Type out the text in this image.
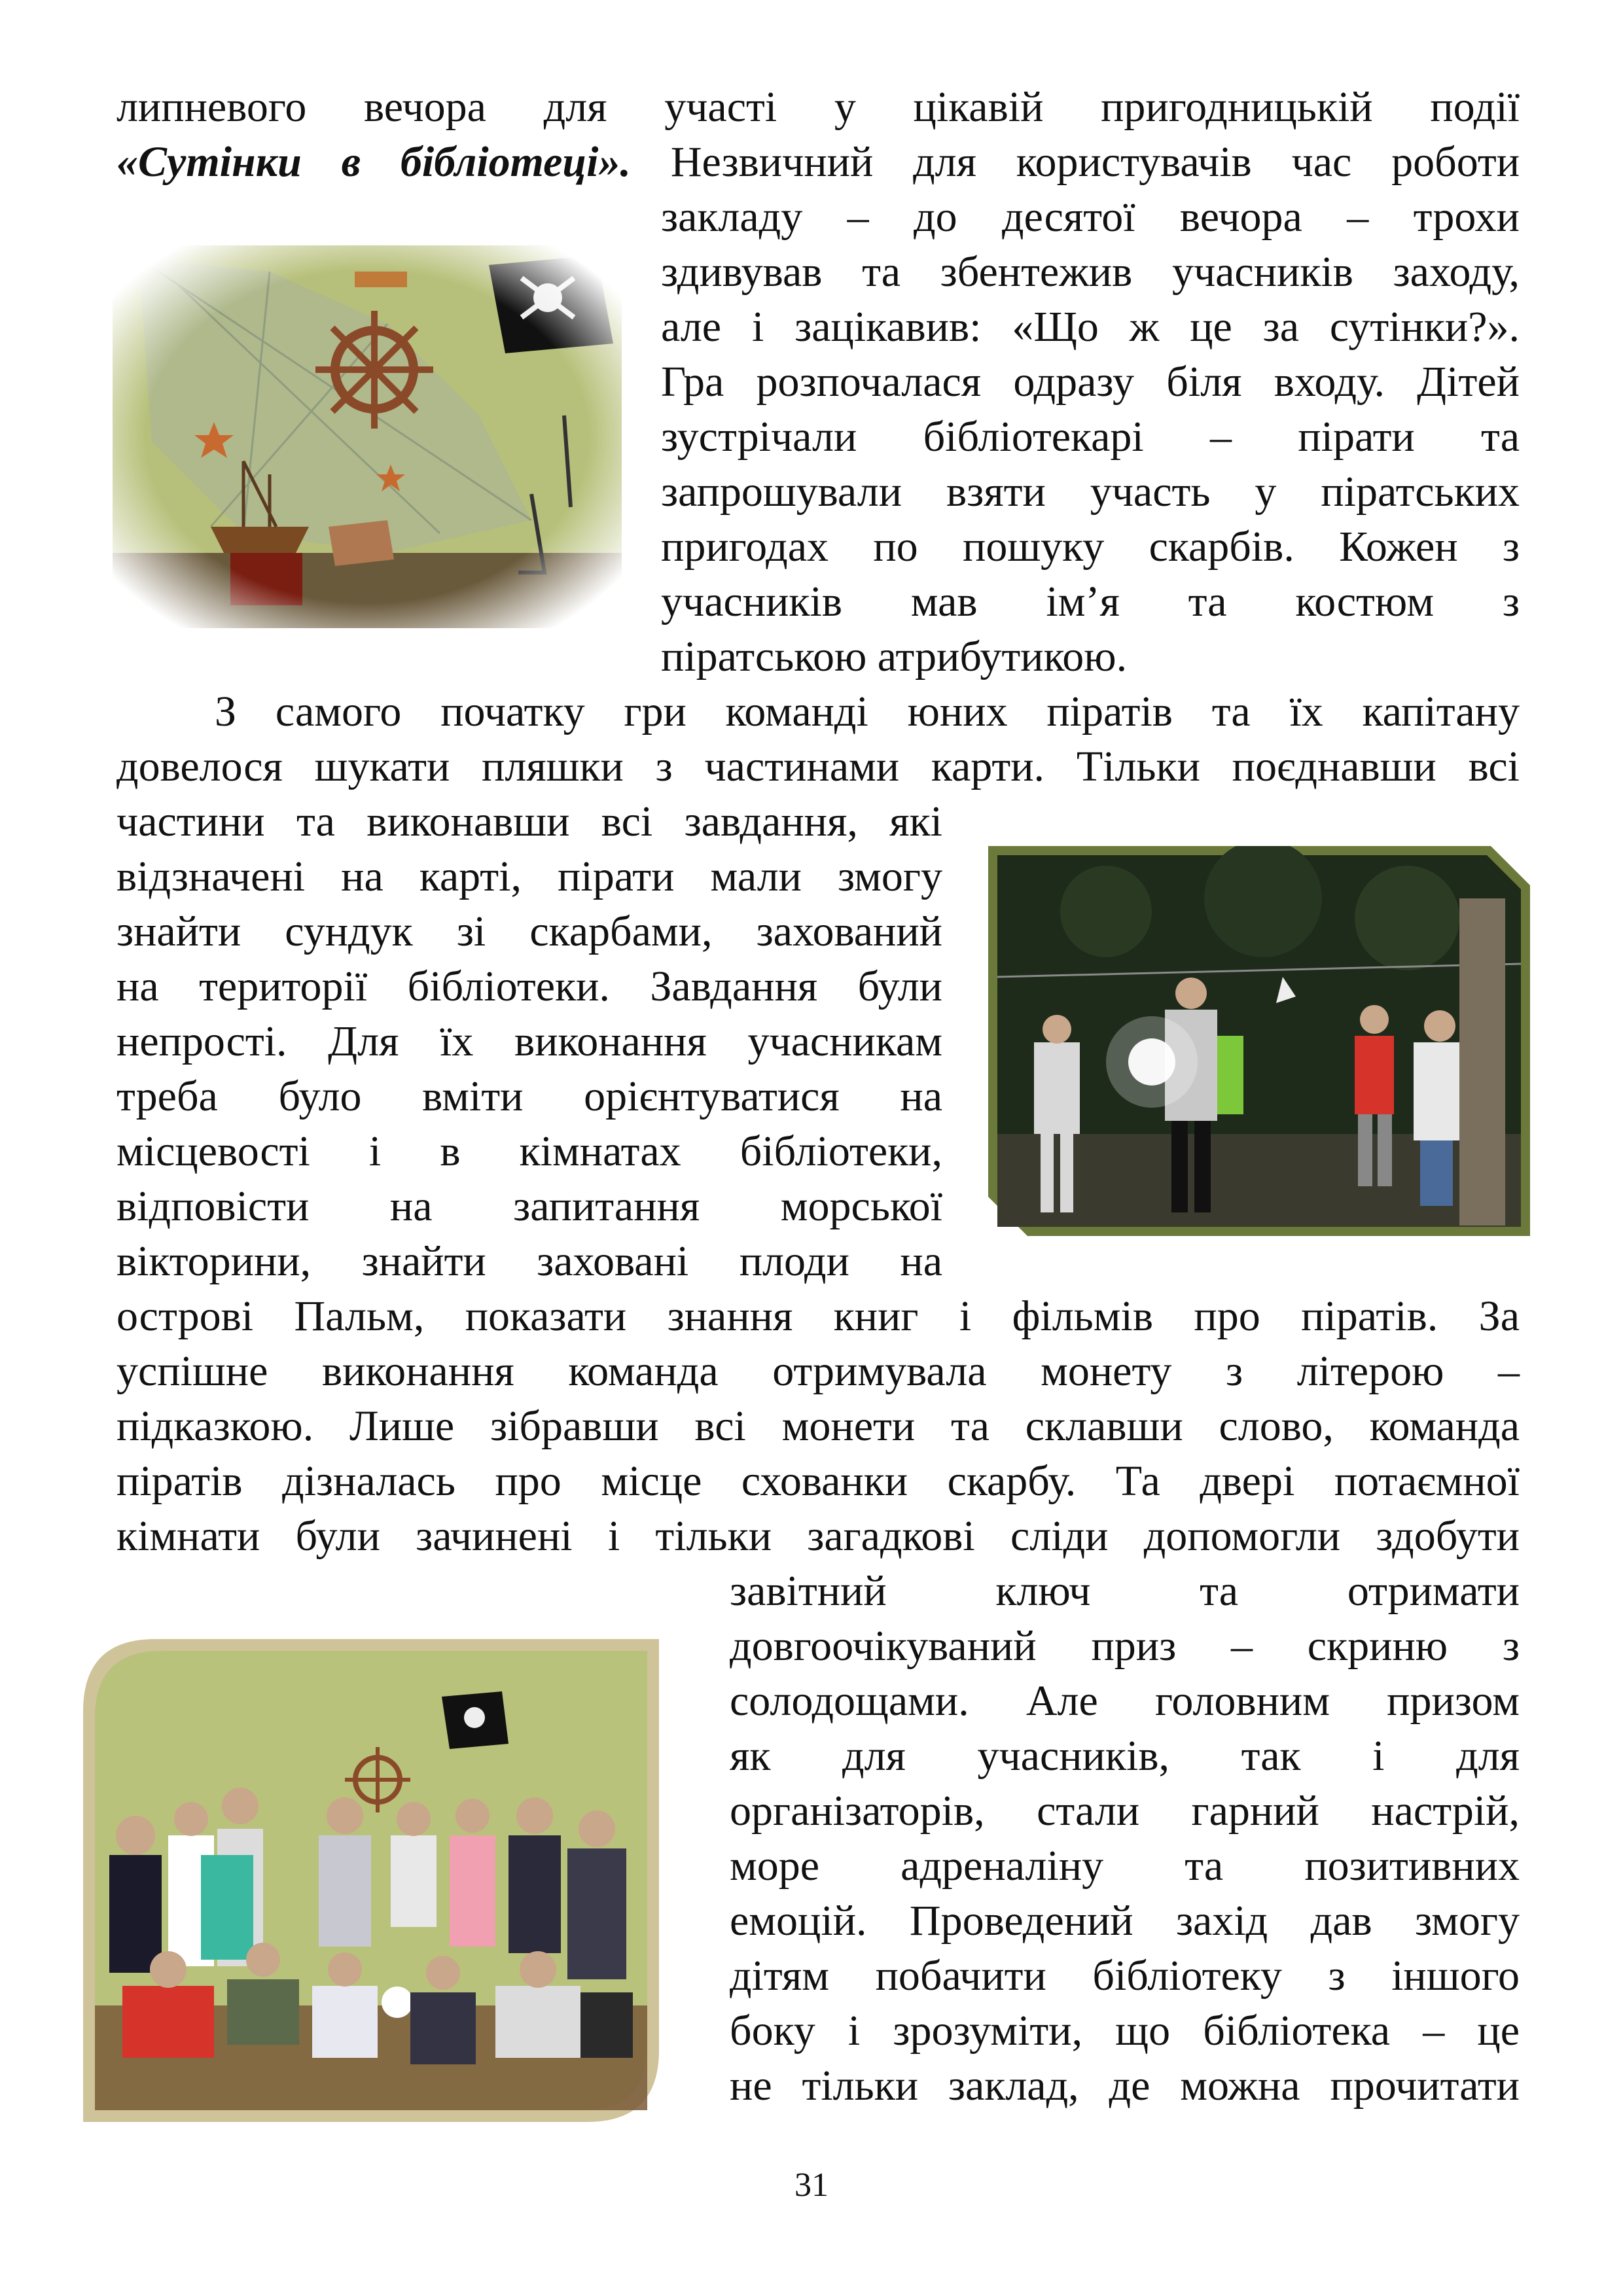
липневого вечора для участі у цікавій пригодницькій події
«Сутінки в бібліотеці». Незвичний для користувачів час роботи
закладу – до десятої вечора – трохи
здивував та збентежив учасників заходу,
але і зацікавив: «Що ж це за сутінки?».
Гра розпочалася одразу біля входу. Дітей
зустрічали бібліотекарі – пірати та
запрошували взяти участь у піратських
пригодах по пошуку скарбів. Кожен з
учасників мав ім’я та костюм з
піратською атрибутикою.
З самого початку гри команді юних піратів та їх капітану
довелося шукати пляшки з частинами карти. Тільки поєднавши всі
частини та виконавши всі завдання, які
відзначені на карті, пірати мали змогу
знайти сундук зі скарбами, захований
на території бібліотеки. Завдання були
непрості. Для їх виконання учасникам
треба було вміти орієнтуватися на
місцевості і в кімнатах бібліотеки,
відповісти на запитання морської
вікторини, знайти заховані плоди на
острові Пальм, показати знання книг і фільмів про піратів. За
успішне виконання команда отримувала монету з літерою –
підказкою. Лише зібравши всі монети та склавши слово, команда
піратів дізналась про місце схованки скарбу. Та двері потаємної
кімнати були зачинені і тільки загадкові сліди допомогли здобути
завітний ключ та отримати
довгоочікуваний приз – скриню з
солодощами. Але головним призом
як для учасників, так і для
організаторів, стали гарний настрій,
море адреналіну та позитивних
емоцій. Проведений захід дав змогу
дітям побачити бібліотеку з іншого
боку і зрозуміти, що бібліотека – це
не тільки заклад, де можна прочитати
31
